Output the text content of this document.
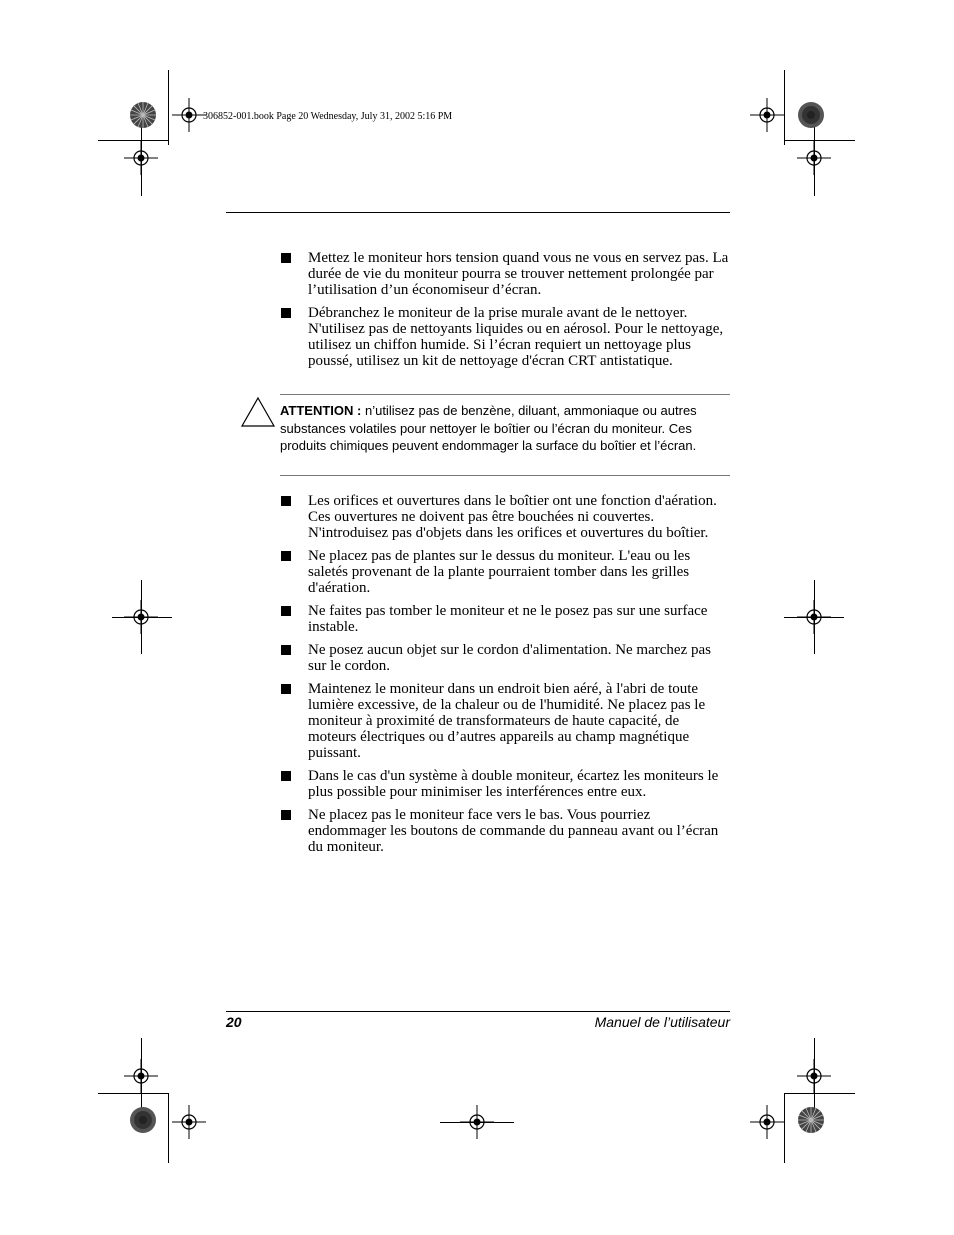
306852-001.book Page 20 Wednesday, July 31, 2002 5:16 PM
Mettez le moniteur hors tension quand vous ne vous en servez pas. La durée de vie du moniteur pourra se trouver nettement prolongée par l’utilisation d’un économiseur d’écran.
Débranchez le moniteur de la prise murale avant de le nettoyer. N'utilisez pas de nettoyants liquides ou en aérosol. Pour le nettoyage, utilisez un chiffon humide. Si l’écran requiert un nettoyage plus poussé, utilisez un kit de nettoyage d'écran CRT antistatique.

ATTENTION : n’utilisez pas de benzène, diluant, ammoniaque ou autres substances volatiles pour nettoyer le boîtier ou l’écran du moniteur. Ces produits chimiques peuvent endommager la surface du boîtier et l’écran.

Les orifices et ouvertures dans le boîtier ont une fonction d'aération. Ces ouvertures ne doivent pas être bouchées ni couvertes. N'introduisez pas d'objets dans les orifices et ouvertures du boîtier.
Ne placez pas de plantes sur le dessus du moniteur. L'eau ou les saletés provenant de la plante pourraient tomber dans les grilles d'aération.
Ne faites pas tomber le moniteur et ne le posez pas sur une surface instable.
Ne posez aucun objet sur le cordon d'alimentation. Ne marchez pas sur le cordon.
Maintenez le moniteur dans un endroit bien aéré, à l'abri de toute lumière excessive, de la chaleur ou de l'humidité. Ne placez pas le moniteur à proximité de transformateurs de haute capacité, de moteurs électriques ou d’autres appareils au champ magnétique puissant.
Dans le cas d'un système à double moniteur, écartez les moniteurs le plus possible pour minimiser les interférences entre eux.
Ne placez pas le moniteur face vers le bas. Vous pourriez endommager les boutons de commande du panneau avant ou l’écran du moniteur.
20	Manuel de l’utilisateur
